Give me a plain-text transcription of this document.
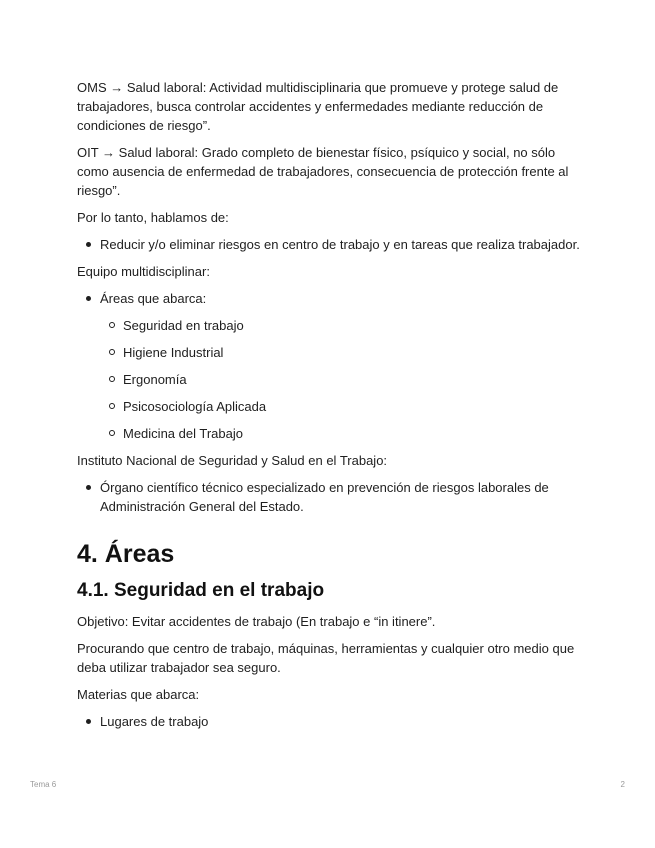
OMS → Salud laboral: Actividad multidisciplinaria que promueve y protege salud de trabajadores, busca controlar accidentes y enfermedades mediante reducción de condiciones de riesgo”.

OIT → Salud laboral: Grado completo de bienestar físico, psíquico y social, no sólo como ausencia de enfermedad de trabajadores, consecuencia de protección frente al riesgo”.

Por lo tanto, hablamos de:

Reducir y/o eliminar riesgos en centro de trabajo y en tareas que realiza trabajador.

Equipo multidisciplinar:

Áreas que abarca:
Seguridad en trabajo
Higiene Industrial
Ergonomía
Psicosociología Aplicada
Medicina del Trabajo

Instituto Nacional de Seguridad y Salud en el Trabajo:

Órgano científico técnico especializado en prevención de riesgos laborales de Administración General del Estado.
4. Áreas
4.1. Seguridad en el trabajo

Objetivo: Evitar accidentes de trabajo (En trabajo e “in itinere”.

Procurando que centro de trabajo, máquinas, herramientas y cualquier otro medio que deba utilizar trabajador sea seguro.

Materias que abarca:

Lugares de trabajo
Tema 6	2
